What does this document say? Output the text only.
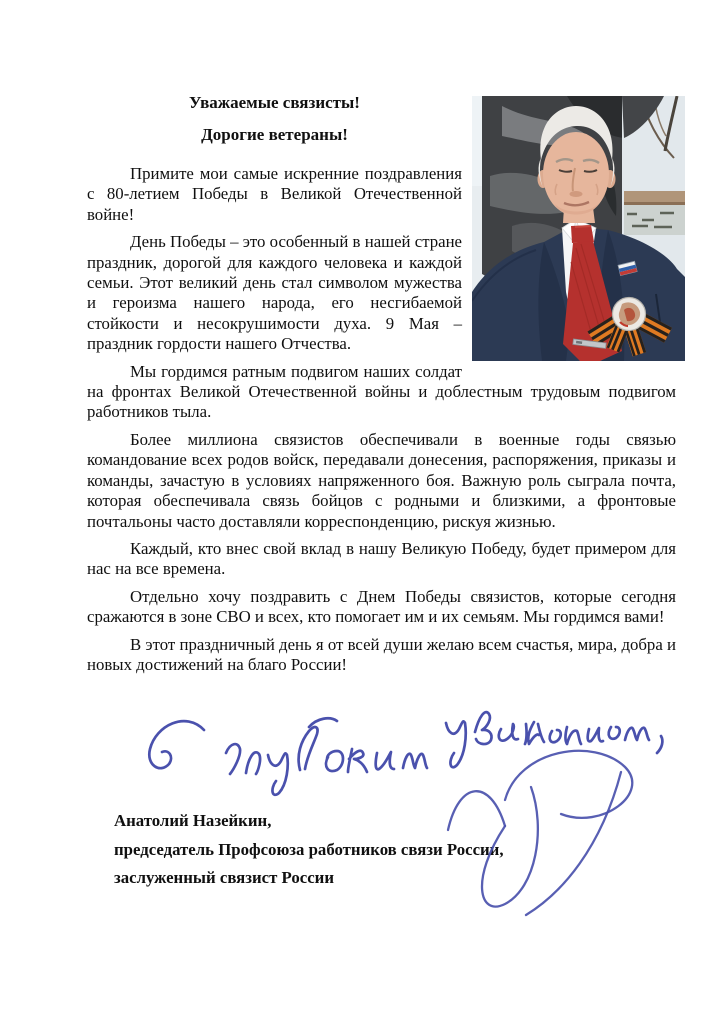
Уважаемые связисты!
Дорогие ветераны!

Примите мои самые искренние поздравления с 80-летием Победы в Великой Отечественной войне!

День Победы – это особенный в нашей стране праздник, дорогой для каждого человека и каждой семьи. Этот великий день стал символом мужества и героизма нашего народа, его несгибаемой стойкости и несокрушимости духа. 9 Мая – праздник гордости нашего Отчества.

Мы гордимся ратным подвигом наших солдат на фронтах Великой Отечественной войны и доблестным трудовым подвигом работников тыла.

Более миллиона связистов обеспечивали в военные годы связью командование всех родов войск, передавали донесения, распоряжения, приказы и команды, зачастую в условиях напряженного боя. Важную роль сыграла почта, которая обеспечивала связь бойцов с родными и близкими, а фронтовые почтальоны часто доставляли корреспонденцию, рискуя жизнью.

Каждый, кто внес свой вклад в нашу Великую Победу, будет примером для нас на все времена.

Отдельно хочу поздравить с Днем Победы связистов, которые сегодня сражаются в зоне СВО и всех, кто помогает им и их семьям. Мы гордимся вами!

В этот праздничный день я от всей души желаю всем счастья, мира, добра и новых достижений на благо России!

Анатолий Назейкин,
председатель Профсоюза работников связи России,
заслуженный связист России
